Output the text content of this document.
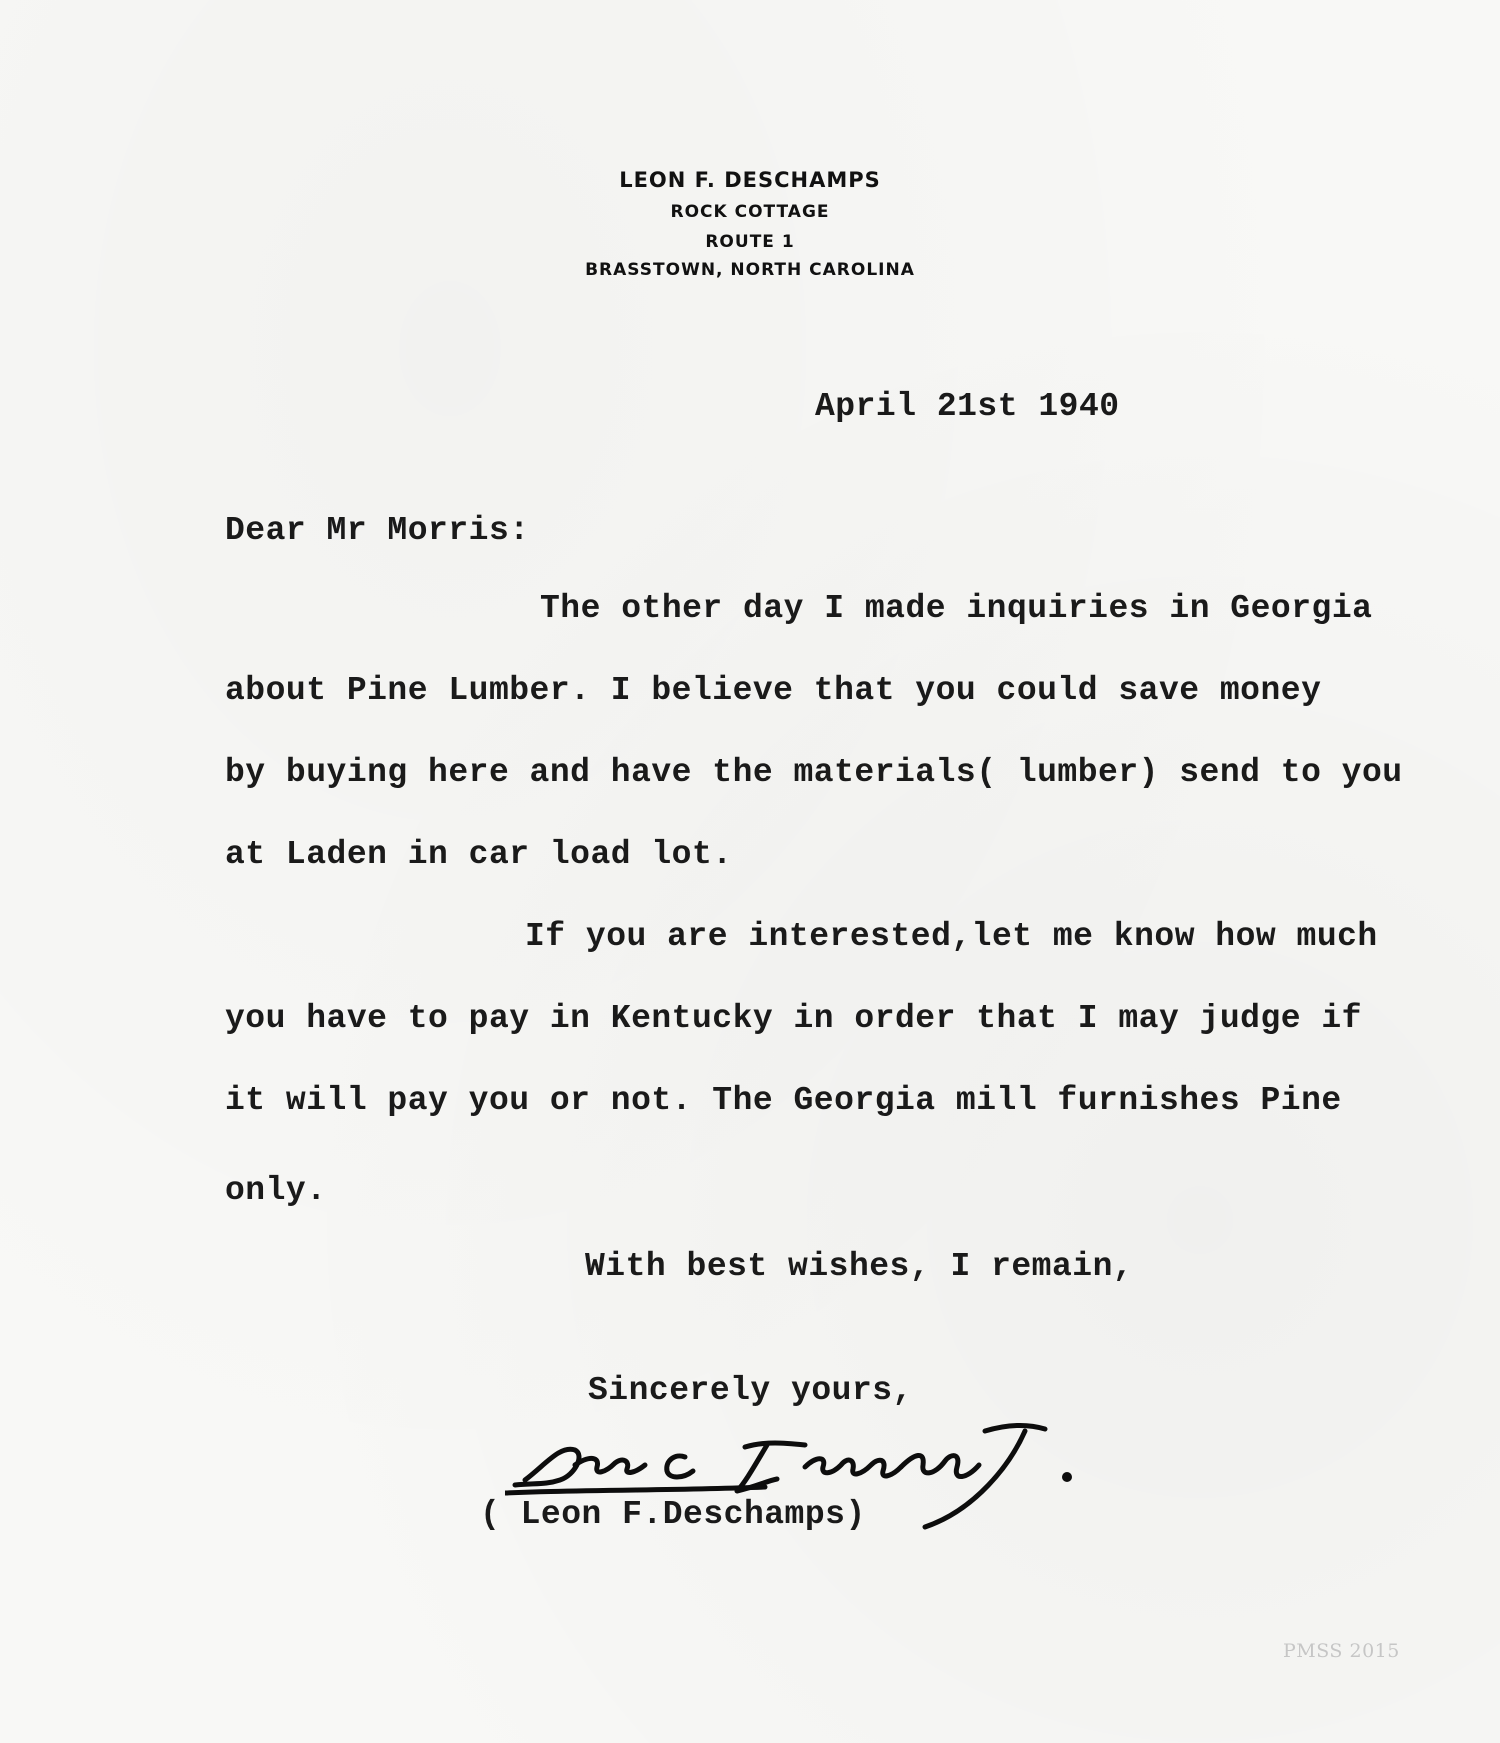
LEON F. DESCHAMPS
ROCK COTTAGE
ROUTE 1
BRASSTOWN, NORTH CAROLINA
April 21st 1940
Dear Mr Morris:
The other day I made inquiries in Georgia
about Pine Lumber. I believe that you could save money
by buying here and have the materials( lumber) send to you
at Laden in car load lot.
If you are interested,let me know how much
you have to pay in Kentucky in order that I may judge if
it will pay you or not. The Georgia mill furnishes Pine
only.
With best wishes, I remain,
Sincerely yours,
( Leon F.Deschamps)
PMSS 2015
